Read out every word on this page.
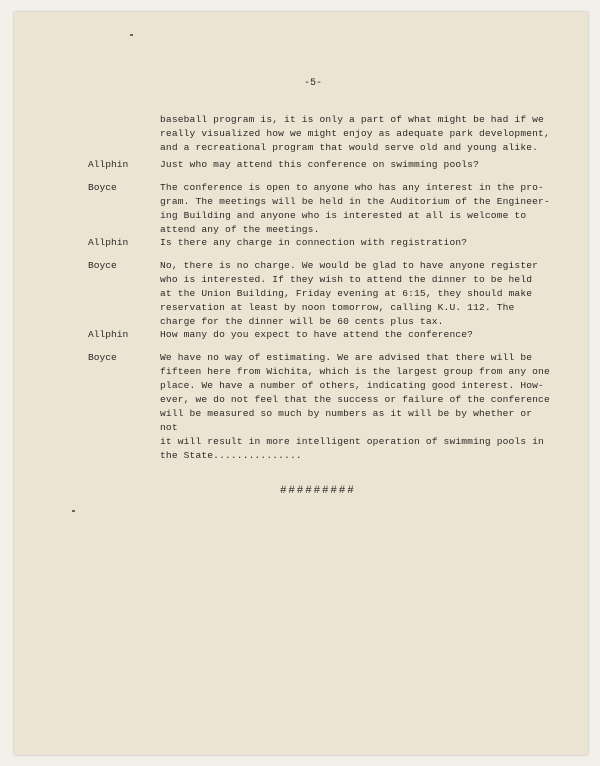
-5-
baseball program is, it is only a part of what might be had if we
really visualized how we might enjoy as adequate park development,
and a recreational program that would serve old and young alike.
Allphin	Just who may attend this conference on swimming pools?
Boyce	The conference is open to anyone who has any interest in the pro-
gram. The meetings will be held in the Auditorium of the Engineer-
ing Building and anyone who is interested at all is welcome to
attend any of the meetings.
Allphin	Is there any charge in connection with registration?
Boyce	No, there is no charge. We would be glad to have anyone register
who is interested. If they wish to attend the dinner to be held
at the Union Building, Friday evening at 6:15, they should make
reservation at least by noon tomorrow, calling K.U. 112. The
charge for the dinner will be 60 cents plus tax.
Allphin	How many do you expect to have attend the conference?
Boyce	We have no way of estimating. We are advised that there will be
fifteen here from Wichita, which is the largest group from any one
place. We have a number of others, indicating good interest. How-
ever, we do not feel that the success or failure of the conference
will be measured so much by numbers as it will be by whether or not
it will result in more intelligent operation of swimming pools in
the State...............
#########
